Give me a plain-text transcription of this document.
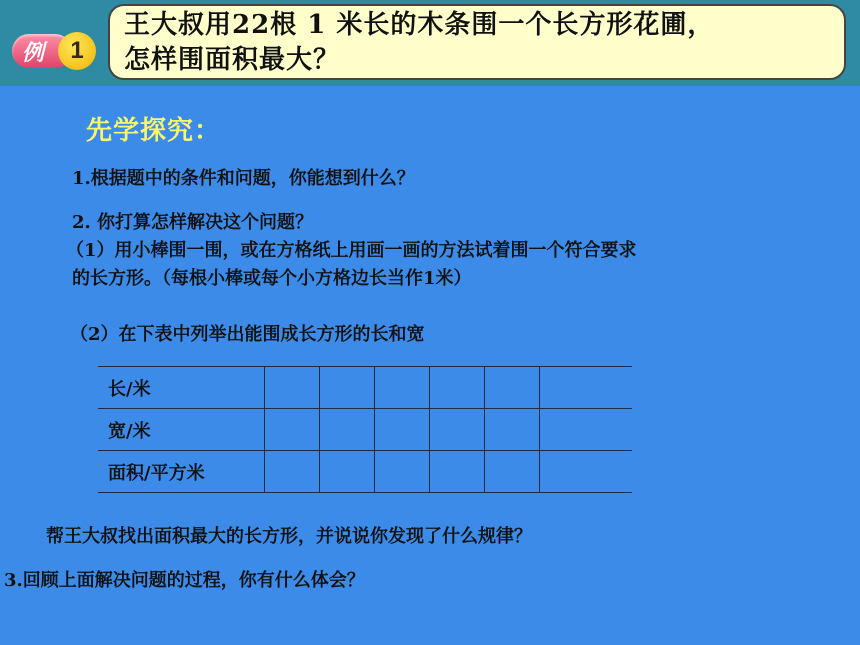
例	1
王大叔用22根 1 米长的木条围一个长方形花圃，
怎样围面积最大？
先学探究：
1.根据题中的条件和问题，你能想到什么？
2. 你打算怎样解决这个问题？
（1）用小棒围一围，或在方格纸上用画一画的方法试着围一个符合要求
的长方形。（每根小棒或每个小方格边长当作1米）
（2）在下表中列举出能围成长方形的长和宽
长/米						
宽/米						
面积/平方米						
帮王大叔找出面积最大的长方形，并说说你发现了什么规律？
3.回顾上面解决问题的过程，你有什么体会？
